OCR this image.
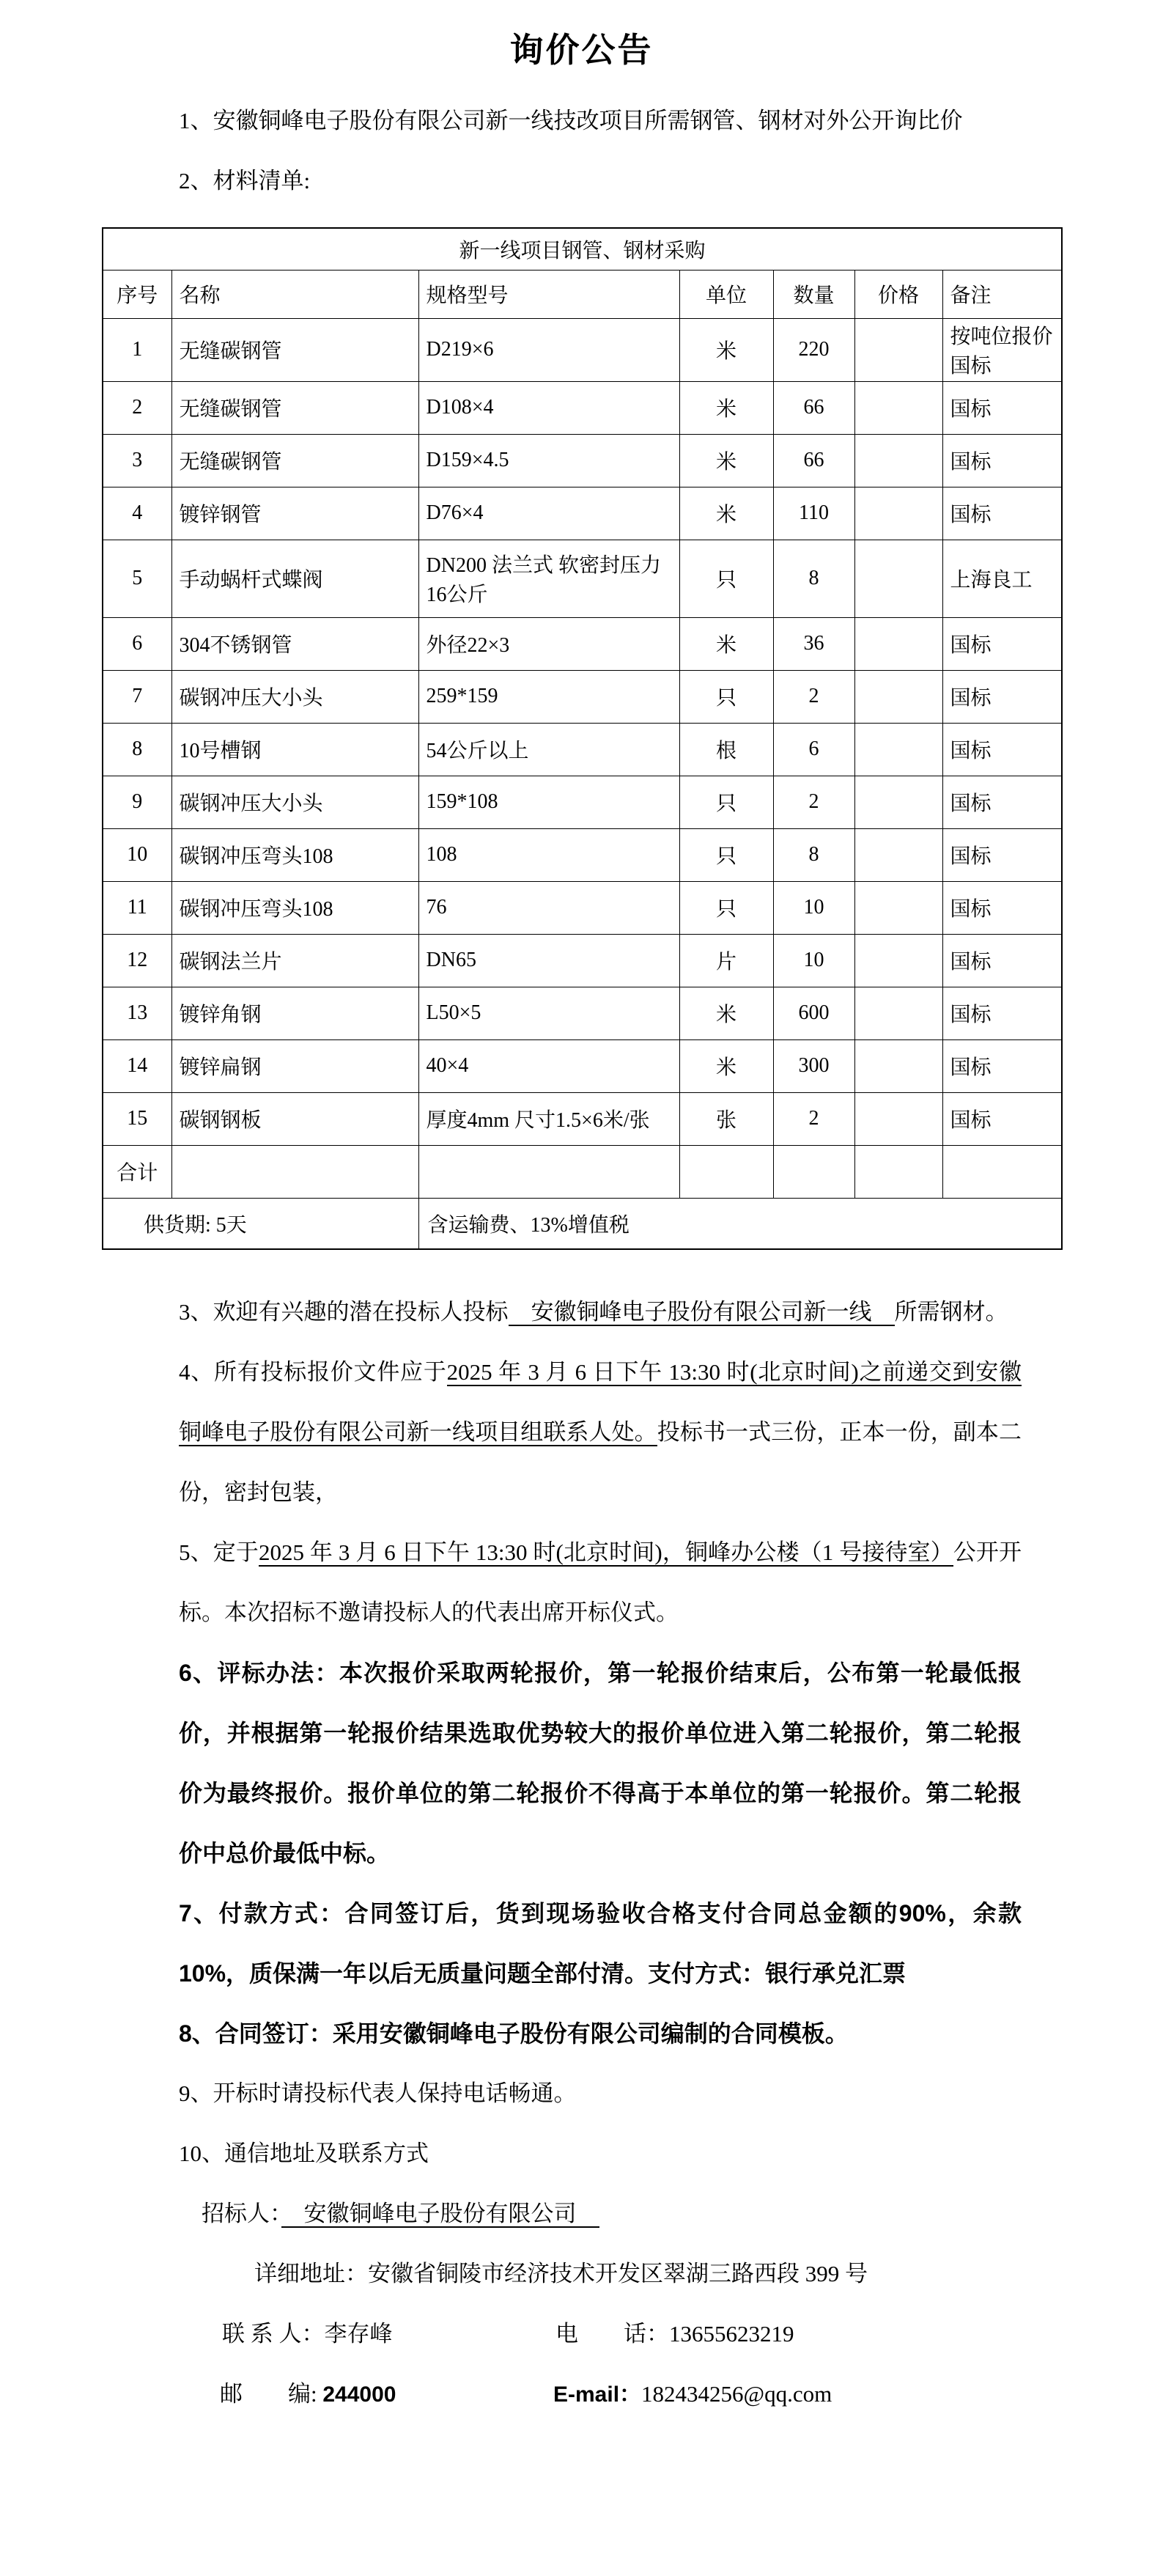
询价公告

1、安徽铜峰电子股份有限公司新一线技改项目所需钢管、钢材对外公开询比价

2、材料清单:

新一线项目钢管、钢材采购						
序号	名称	规格型号	单位	数量	价格	备注
1	无缝碳钢管	D219×6	米	220		按吨位报价 国标
2	无缝碳钢管	D108×4	米	66		国标
3	无缝碳钢管	D159×4.5	米	66		国标
4	镀锌钢管	D76×4	米	110		国标
5	手动蜗杆式蝶阀	DN200 法兰式 软密封压力16公斤	只	8		上海良工
6	304不锈钢管	外径22×3	米	36		国标
7	碳钢冲压大小头	259*159	只	2		国标
8	10号槽钢	54公斤以上	根	6		国标
9	碳钢冲压大小头	159*108	只	2		国标
10	碳钢冲压弯头108	108	只	8		国标
11	碳钢冲压弯头108	76	只	10		国标
12	碳钢法兰片	DN65	片	10		国标
13	镀锌角钢	L50×5	米	600		国标
14	镀锌扁钢	40×4	米	300		国标
15	碳钢钢板	厚度4mm 尺寸1.5×6米/张	张	2		国标
合计						
供货期: 5天		含运输费、13%增值税				

3、欢迎有兴趣的潜在投标人投标　安徽铜峰电子股份有限公司新一线　所需钢材。

4、所有投标报价文件应于2025 年 3 月 6 日下午 13:30 时(北京时间)之前递交到安徽铜峰电子股份有限公司新一线项目组联系人处。投标书一式三份，正本一份，副本二份，密封包装，

5、定于2025 年 3 月 6 日下午 13:30 时(北京时间)，铜峰办公楼（1 号接待室）公开开标。本次招标不邀请投标人的代表出席开标仪式。

6、评标办法：本次报价采取两轮报价，第一轮报价结束后，公布第一轮最低报价，并根据第一轮报价结果选取优势较大的报价单位进入第二轮报价，第二轮报价为最终报价。报价单位的第二轮报价不得高于本单位的第一轮报价。第二轮报价中总价最低中标。

7、付款方式：合同签订后，货到现场验收合格支付合同总金额的90%，余款10%，质保满一年以后无质量问题全部付清。支付方式：银行承兑汇票

8、合同签订：采用安徽铜峰电子股份有限公司编制的合同模板。

9、开标时请投标代表人保持电话畅通。

10、通信地址及联系方式

招标人：　安徽铜峰电子股份有限公司　

详细地址：安徽省铜陵市经济技术开发区翠湖三路西段 399 号

联 系 人：李存峰	电　　话：13655623219

邮　　编: 244000	E-mail：182434256@qq.com
